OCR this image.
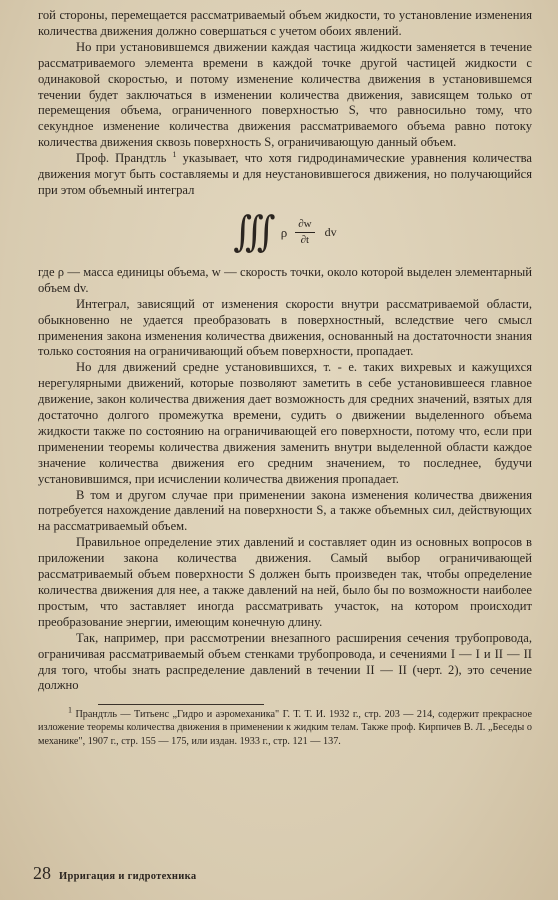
гой стороны, перемещается рассматриваемый объем жидкости, то установление изменения количества движения должно совершаться с учетом обоих явлений.

Но при установившемся движении каждая частица жидкости заменяется в течение рассматриваемого элемента времени в каждой точке другой частицей жидкости с одинаковой скоростью, и потому изменение количества движения в установившемся течении будет заключаться в изменении количества движения, зависящем только от перемещения объема, ограниченного поверхностью S, что равносильно тому, что секундное изменение количества движения рассматриваемого объема равно потоку количества движения сквозь поверхность S, ограничивающую данный объем.

Проф. Прандтль $^1$ указывает, что хотя гидродинамические уравнения количества движения могут быть составляемы и для неустановившегося движения, но получающийся при этом объемный интеграл

∫∫∫ ρ $\frac{\partial w}{\partial t}$ dv

где ρ — масса единицы объема, w — скорость точки, около которой выделен элементарный объем dv.

Интеграл, зависящий от изменения скорости внутри рассматриваемой области, обыкновенно не удается преобразовать в поверхностный, вследствие чего смысл применения закона изменения количества движения, основанный на достаточности знания только состояния на ограничивающий объем поверхности, пропадает.

Но для движений средне установившихся, т. - е. таких вихревых и кажущихся нерегулярными движений, которые позволяют заметить в себе установившееся главное движение, закон количества движения дает возможность для средних значений, взятых для достаточно долгого промежутка времени, судить о движении выделенного объема жидкости также по состоянию на ограничивающей его поверхности, потому что, если при применении теоремы количества движения заменить внутри выделенной области каждое значение количества движения его средним значением, то последнее, будучи установившимся, при исчислении количества движения пропадает.

В том и другом случае при применении закона изменения количества движения потребуется нахождение давлений на поверхности S, а также объемных сил, действующих на рассматриваемый объем.

Правильное определение этих давлений и составляет один из основных вопросов в приложении закона количества движения. Самый выбор ограничивающей рассматриваемый объем поверхности S должен быть произведен так, чтобы определение количества движения для нее, а также давлений на ней, было бы по возможности наиболее простым, что заставляет иногда рассматривать участок, на котором происходит преобразование энергии, имеющим конечную длину.

Так, например, при рассмотрении внезапного расширения сечения трубопровода, ограничивая рассматриваемый объем стенками трубопровода, и сечениями I — I и II — II для того, чтобы знать распределение давлений в течении II — II (черт. 2), это сечение должно

$^1$ Прандтль — Титьенс „Гидро и аэромеханика" Г. Т. Т. И. 1932 г., стр. 203 — 214, содержит прекрасное изложение теоремы количества движения в применении к жидким телам. Также проф. Кирпичев В. Л. „Беседы о механике", 1907 г., стр. 155 — 175, или издан. 1933 г., стр. 121 — 137.

28 Ирригация и гидротехника
